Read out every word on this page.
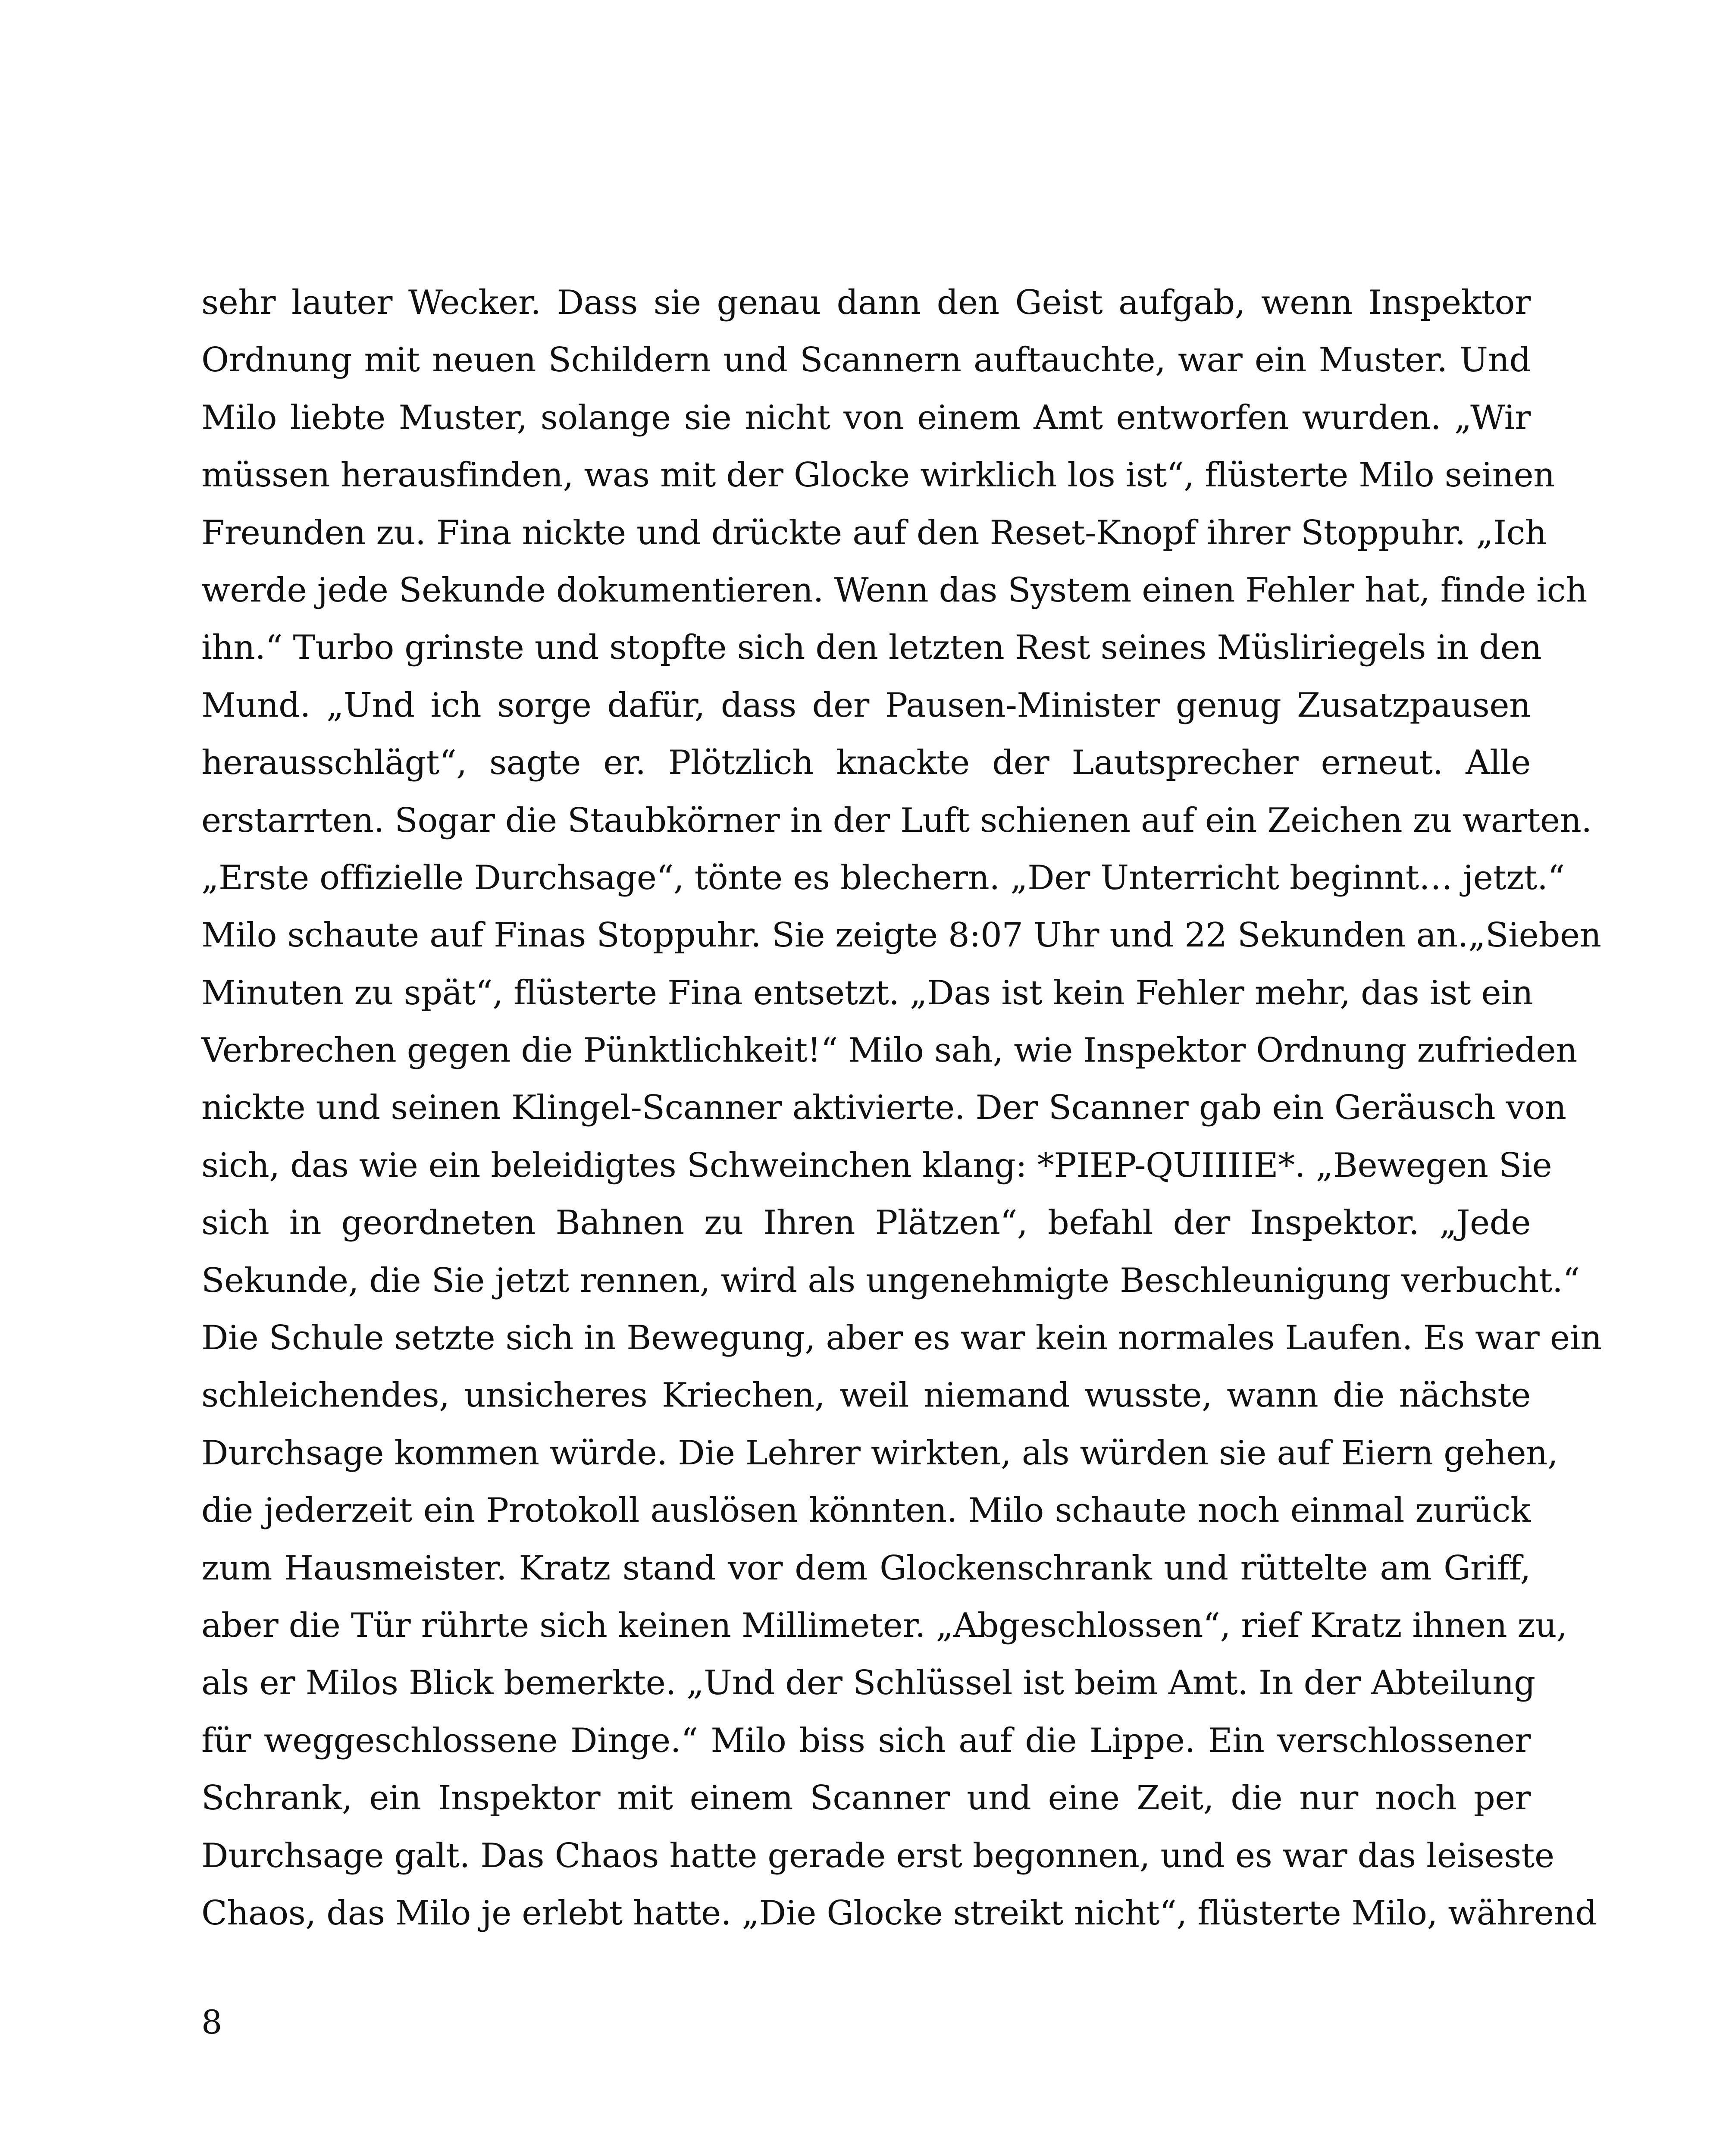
sehr lauter Wecker. Dass sie genau dann den Geist aufgab, wenn Inspektor
Ordnung mit neuen Schildern und Scannern auftauchte, war ein Muster. Und
Milo liebte Muster, solange sie nicht von einem Amt entworfen wurden. „Wir
müssen herausfinden, was mit der Glocke wirklich los ist“, flüsterte Milo seinen
Freunden zu. Fina nickte und drückte auf den Reset-Knopf ihrer Stoppuhr. „Ich
werde jede Sekunde dokumentieren. Wenn das System einen Fehler hat, finde ich
ihn.“ Turbo grinste und stopfte sich den letzten Rest seines Müsliriegels in den
Mund. „Und ich sorge dafür, dass der Pausen-Minister genug Zusatzpausen
herausschlägt“, sagte er. Plötzlich knackte der Lautsprecher erneut. Alle
erstarrten. Sogar die Staubkörner in der Luft schienen auf ein Zeichen zu warten.
„Erste offizielle Durchsage“, tönte es blechern. „Der Unterricht beginnt… jetzt.“
Milo schaute auf Finas Stoppuhr. Sie zeigte 8:07 Uhr und 22 Sekunden an.„Sieben
Minuten zu spät“, flüsterte Fina entsetzt. „Das ist kein Fehler mehr, das ist ein
Verbrechen gegen die Pünktlichkeit!“ Milo sah, wie Inspektor Ordnung zufrieden
nickte und seinen Klingel-Scanner aktivierte. Der Scanner gab ein Geräusch von
sich, das wie ein beleidigtes Schweinchen klang: *PIEP-QUIIIIE*. „Bewegen Sie
sich in geordneten Bahnen zu Ihren Plätzen“, befahl der Inspektor. „Jede
Sekunde, die Sie jetzt rennen, wird als ungenehmigte Beschleunigung verbucht.“
Die Schule setzte sich in Bewegung, aber es war kein normales Laufen. Es war ein
schleichendes, unsicheres Kriechen, weil niemand wusste, wann die nächste
Durchsage kommen würde. Die Lehrer wirkten, als würden sie auf Eiern gehen,
die jederzeit ein Protokoll auslösen könnten. Milo schaute noch einmal zurück
zum Hausmeister. Kratz stand vor dem Glockenschrank und rüttelte am Griff,
aber die Tür rührte sich keinen Millimeter. „Abgeschlossen“, rief Kratz ihnen zu,
als er Milos Blick bemerkte. „Und der Schlüssel ist beim Amt. In der Abteilung
für weggeschlossene Dinge.“ Milo biss sich auf die Lippe. Ein verschlossener
Schrank, ein Inspektor mit einem Scanner und eine Zeit, die nur noch per
Durchsage galt. Das Chaos hatte gerade erst begonnen, und es war das leiseste
Chaos, das Milo je erlebt hatte. „Die Glocke streikt nicht“, flüsterte Milo, während
8
